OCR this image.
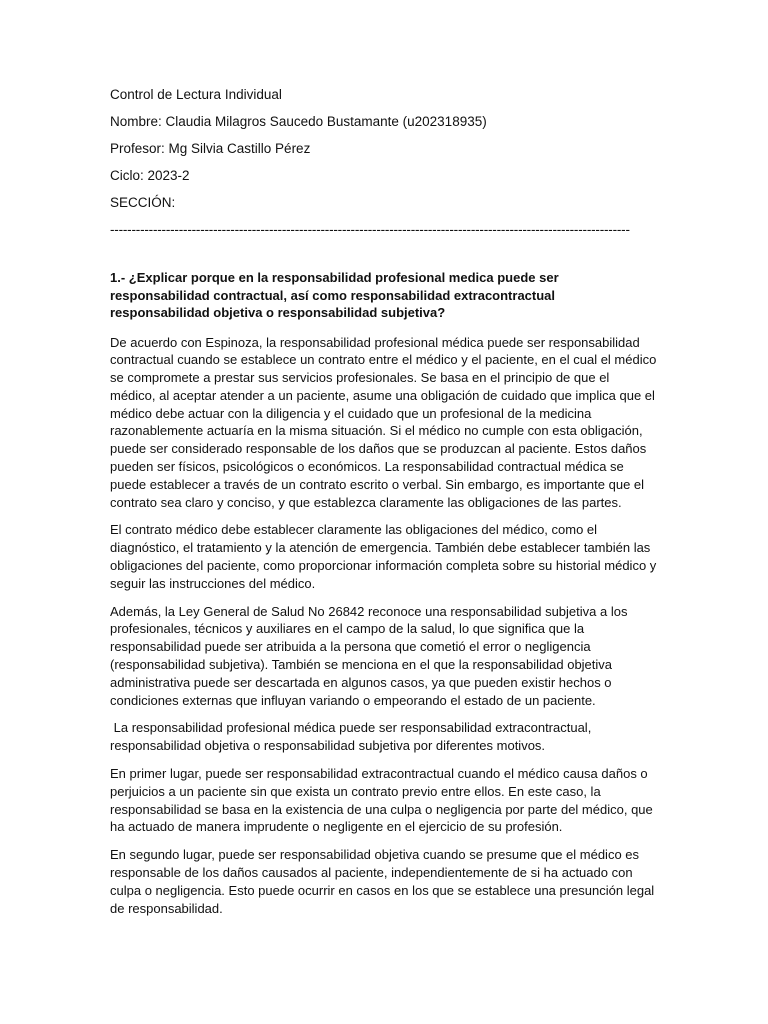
Control de Lectura Individual

Nombre: Claudia Milagros Saucedo Bustamante (u202318935)

Profesor: Mg Silvia Castillo Pérez

Ciclo: 2023-2

SECCIÓN:

-------------------------------------------------------------------------------------------------------------------------

1.- ¿Explicar porque en la responsabilidad profesional medica puede ser responsabilidad contractual, así como responsabilidad extracontractual responsabilidad objetiva o responsabilidad subjetiva?

De acuerdo con Espinoza, la responsabilidad profesional médica puede ser responsabilidad contractual cuando se establece un contrato entre el médico y el paciente, en el cual el médico se compromete a prestar sus servicios profesionales. Se basa en el principio de que el médico, al aceptar atender a un paciente, asume una obligación de cuidado que implica que el médico debe actuar con la diligencia y el cuidado que un profesional de la medicina razonablemente actuaría en la misma situación. Si el médico no cumple con esta obligación, puede ser considerado responsable de los daños que se produzcan al paciente. Estos daños pueden ser físicos, psicológicos o económicos. La responsabilidad contractual médica se puede establecer a través de un contrato escrito o verbal. Sin embargo, es importante que el contrato sea claro y conciso, y que establezca claramente las obligaciones de las partes.

El contrato médico debe establecer claramente las obligaciones del médico, como el diagnóstico, el tratamiento y la atención de emergencia. También debe establecer también las obligaciones del paciente, como proporcionar información completa sobre su historial médico y seguir las instrucciones del médico.

Además, la Ley General de Salud No 26842 reconoce una responsabilidad subjetiva a los profesionales, técnicos y auxiliares en el campo de la salud, lo que significa que la responsabilidad puede ser atribuida a la persona que cometió el error o negligencia (responsabilidad subjetiva). También se menciona en el que la responsabilidad objetiva administrativa puede ser descartada en algunos casos, ya que pueden existir hechos o condiciones externas que influyan variando o empeorando el estado de un paciente.

La responsabilidad profesional médica puede ser responsabilidad extracontractual, responsabilidad objetiva o responsabilidad subjetiva por diferentes motivos.

En primer lugar, puede ser responsabilidad extracontractual cuando el médico causa daños o perjuicios a un paciente sin que exista un contrato previo entre ellos. En este caso, la responsabilidad se basa en la existencia de una culpa o negligencia por parte del médico, que ha actuado de manera imprudente o negligente en el ejercicio de su profesión.

En segundo lugar, puede ser responsabilidad objetiva cuando se presume que el médico es responsable de los daños causados al paciente, independientemente de si ha actuado con culpa o negligencia. Esto puede ocurrir en casos en los que se establece una presunción legal de responsabilidad.
